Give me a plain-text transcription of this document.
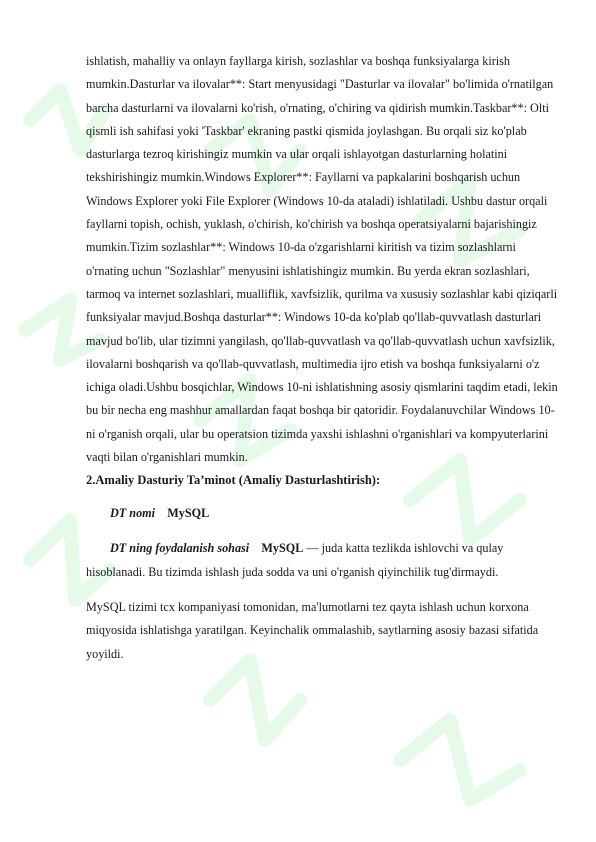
ishlatish, mahalliy va onlayn fayllarga kirish, sozlashlar va boshqa funksiyalarga kirish mumkin.Dasturlar va ilovalar**: Start menyusidagi "Dasturlar va ilovalar" bo'limida o'rnatilgan barcha dasturlarni va ilovalarni ko'rish, o'rnating, o'chiring va qidirish mumkin.Taskbar**: Olti qismli ish sahifasi yoki 'Taskbar' ekraning pastki qismida joylashgan. Bu orqali siz ko'plab dasturlarga tezroq kirishingiz mumkin va ular orqali ishlayotgan dasturlarning holatini tekshirishingiz mumkin.Windows Explorer**: Fayllarni va papkalarini boshqarish uchun Windows Explorer yoki File Explorer (Windows 10-da ataladi) ishlatiladi. Ushbu dastur orqali fayllarni topish, ochish, yuklash, o'chirish, ko'chirish va boshqa operatsiyalarni bajarishingiz mumkin.Tizim sozlashlar**: Windows 10-da o'zgarishlarni kiritish va tizim sozlashlarni o'rnating uchun "Sozlashlar" menyusini ishlatishingiz mumkin. Bu yerda ekran sozlashlari, tarmoq va internet sozlashlari, mualliflik, xavfsizlik, qurilma va xususiy sozlashlar kabi qiziqarli funksiyalar mavjud.Boshqa dasturlar**: Windows 10-da ko'plab qo'llab-quvvatlash dasturlari mavjud bo'lib, ular tizimni yangilash, qo'llab-quvvatlash va qo'llab-quvvatlash uchun xavfsizlik, ilovalarni boshqarish va qo'llab-quvvatlash, multimedia ijro etish va boshqa funksiyalarni o'z ichiga oladi.Ushbu bosqichlar, Windows 10-ni ishlatishning asosiy qismlarini taqdim etadi, lekin bu bir necha eng mashhur amallardan faqat boshqa bir qatoridir. Foydalanuvchilar Windows 10-ni o'rganish orqali, ular bu operatsion tizimda yaxshi ishlashni o'rganishlari va kompyuterlarini vaqti bilan o'rganishlari mumkin.

2.Amaliy Dasturiy Ta’minot (Amaliy Dasturlashtirish):

DT nomi MySQL

DT ning foydalanish sohasi MySQL — juda katta tezlikda ishlovchi va qulay hisoblanadi. Bu tizimda ishlash juda sodda va uni o'rganish qiyinchilik tug'dirmaydi.

MySQL tizimi tcx kompaniyasi tomonidan, ma'lumotlarni tez qayta ishlash uchun korxona miqyosida ishlatishga yaratilgan. Keyinchalik ommalashib, saytlarning asosiy bazasi sifatida yoyildi.
